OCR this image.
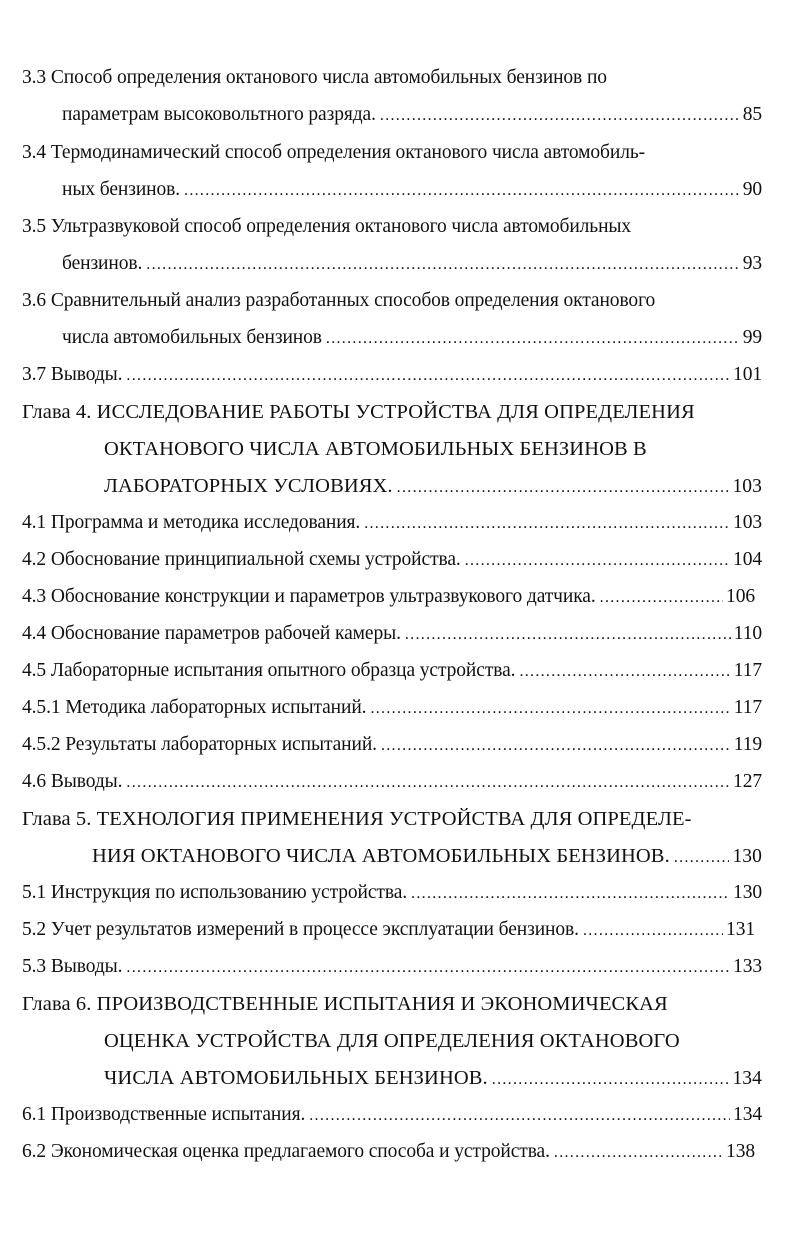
3.3 Способ определения октанового числа автомобильных бензинов по
параметрам высоковольтного разряда. .....	85
3.4 Термодинамический способ определения октанового числа автомобиль-
ных бензинов. .....	90
3.5 Ультразвуковой способ определения октанового числа автомобильных
бензинов. .....	93
3.6 Сравнительный анализ разработанных способов определения октанового
числа автомобильных бензинов .....	99
3.7 Выводы. .....	101
Глава 4. ИССЛЕДОВАНИЕ РАБОТЫ УСТРОЙСТВА ДЛЯ ОПРЕДЕЛЕНИЯ
ОКТАНОВОГО ЧИСЛА АВТОМОБИЛЬНЫХ БЕНЗИНОВ В
ЛАБОРАТОРНЫХ УСЛОВИЯХ. .....	103
4.1 Программа и методика исследования. .....	103
4.2 Обоснование принципиальной схемы устройства. .....	104
4.3 Обоснование конструкции и параметров ультразвукового датчика. .....	106
4.4 Обоснование параметров рабочей камеры. .....	110
4.5 Лабораторные испытания опытного образца устройства. .....	117
4.5.1 Методика лабораторных испытаний. .....	117
4.5.2 Результаты лабораторных испытаний. .....	119
4.6 Выводы. .....	127
Глава 5. ТЕХНОЛОГИЯ ПРИМЕНЕНИЯ УСТРОЙСТВА ДЛЯ ОПРЕДЕЛЕ-
НИЯ ОКТАНОВОГО ЧИСЛА АВТОМОБИЛЬНЫХ БЕНЗИНОВ. .....	130
5.1 Инструкция по использованию устройства. .....	130
5.2 Учет результатов измерений в процессе эксплуатации бензинов. .....	131
5.3 Выводы. .....	133
Глава 6. ПРОИЗВОДСТВЕННЫЕ ИСПЫТАНИЯ И ЭКОНОМИЧЕСКАЯ
ОЦЕНКА УСТРОЙСТВА ДЛЯ ОПРЕДЕЛЕНИЯ ОКТАНОВОГО
ЧИСЛА АВТОМОБИЛЬНЫХ БЕНЗИНОВ. .....	134
6.1 Производственные испытания. .....	134
6.2 Экономическая оценка предлагаемого способа и устройства. .....	138
